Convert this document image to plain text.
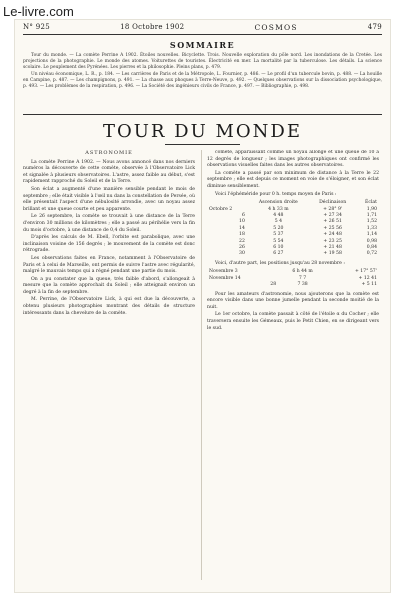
Le-livre.com
N° 925	18 Octobre 1902	COSMOS	479
SOMMAIRE

Tour du monde. — La comète Perrine A 1902. Étoiles nouvelles. Bicyclette. Trois. Nouvelle exploration du pôle nord. Les inondations de la Cretée. Les projections de la photographie. Le monde des atomes. Voiturettes de touristes. Électricité en mer. La mortalité par la tuberculose. Les détails. La science scolaire. Le peuplement des Pyrénées. Les pierres et la philosophie. Pleins plans, p. 479.

Un nivéau économique, L. R., p. 184. — Les carrières de Paris et de la Métropole, L. Fournier, p. 486. — Le profil d'un tubercule bovin, p. 488. — La houille en Campine, p. 487. — Les champignons, p. 491. — La chasse aux phoques à Terre-Neuve, p. 492. — Quelques observations sur la dissociation psychologique, p. 493. — Les problèmes de la respiration, p. 496. — La Société des ingénieurs civils de France, p. 497. — Bibliographie, p. 498.

TOUR DU MONDE

ASTRONOMIE

La comète Perrine A 1902. — Nous avons annoncé dans nos derniers numéros la découverte de cette comète, observée à l'Observatoire Lick et signalée à plusieurs observatoires. L'astre, assez faible au début, s'est rapidement rapproché du Soleil et de la Terre.

Son éclat a augmenté d'une manière sensible pendant le mois de septembre ; elle était visible à l'œil nu dans la constellation de Persée, où elle présentait l'aspect d'une nébulosité arrondie, avec un noyau assez brillant et une queue courte et peu apparente.

Le 26 septembre, la comète se trouvait à une distance de la Terre d'environ 30 millions de kilomètres ; elle a passé au périhélie vers la fin du mois d'octobre, à une distance de 0,4 du Soleil.

D'après les calculs de M. Ebell, l'orbite est parabolique, avec une inclinaison voisine de 156 degrés ; le mouvement de la comète est donc rétrograde.

Les observations faites en France, notamment à l'Observatoire de Paris et à celui de Marseille, ont permis de suivre l'astre avec régularité, malgré le mauvais temps qui a régné pendant une partie du mois.

On a pu constater que la queue, très faible d'abord, s'allongeait à mesure que la comète approchait du Soleil ; elle atteignait environ un degré à la fin de septembre.

M. Perrine, de l'Observatoire Lick, à qui est due la découverte, a obtenu plusieurs photographies montrant des détails de structure intéressants dans la chevelure de la comète.

comète, apparaissant comme un noyau allongé et une queue de 10 à 12 degrés de longueur ; les images photographiques ont confirmé les observations visuelles faites dans les autres observatoires.

La comète a passé par son minimum de distance à la Terre le 22 septembre ; elle est depuis ce moment en voie de s'éloigner, et son éclat diminue sensiblement.

Voici l'éphéméride pour 0 h. temps moyen de Paris :

	Ascension droite	Déclinaison	Éclat
Octobre 2	4 h 33 m	+ 28° 9'	1,90
6	4 48	+ 27 34	1,71
10	5 4	+ 26 51	1,52
14	5 20	+ 25 56	1,33
18	5 37	+ 24 48	1,14
22	5 54	+ 23 25	0,98
26	6 10	+ 21 48	0,84
30	6 27	+ 19 58	0,72

Voici, d'autre part, les positions jusqu'au 28 novembre :

Novembre 3	6 h 44 m	+ 17° 57'
Novembre 14	7 7	+ 12 41
28	7 38	+ 5 11

Pour les amateurs d'astronomie, nous ajouterons que la comète est encore visible dans une bonne jumelle pendant la seconde moitié de la nuit.

Le 1er octobre, la comète passait à côté de l'étoile α du Cocher ; elle traversera ensuite les Gémeaux, puis le Petit Chien, en se dirigeant vers le sud.
